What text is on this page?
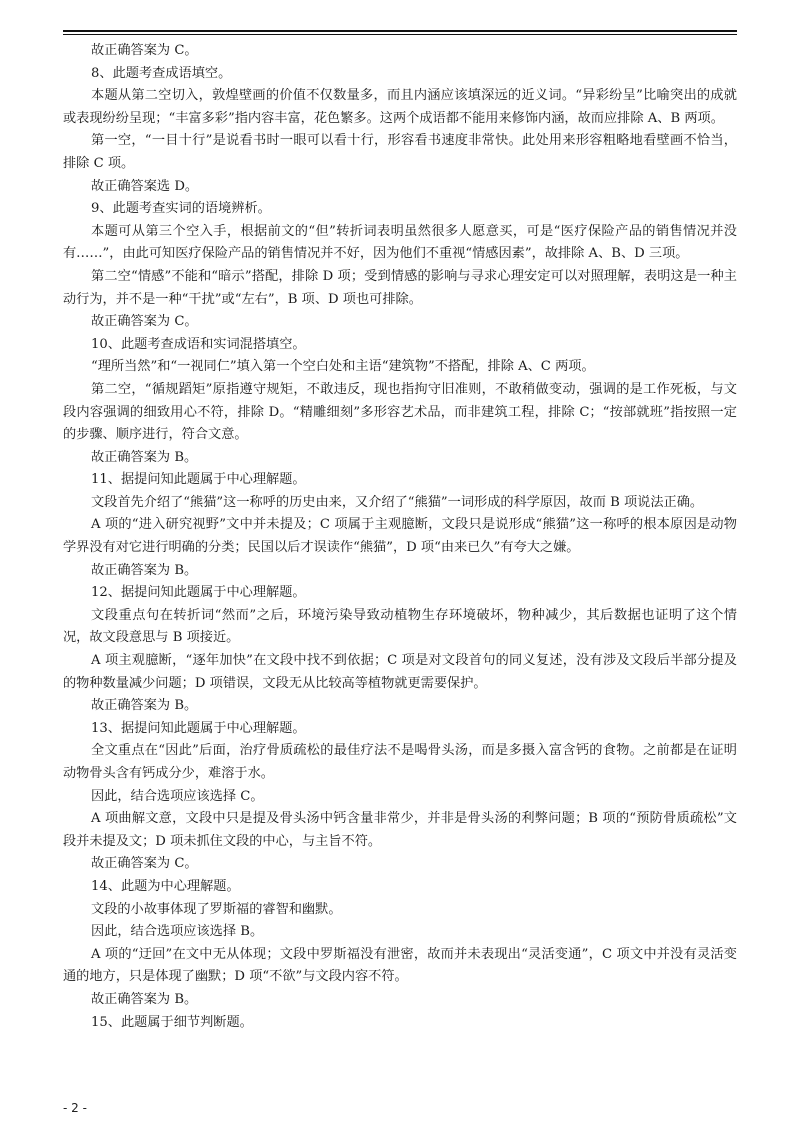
故正确答案为 C。

8、此题考查成语填空。

本题从第二空切入，敦煌壁画的价值不仅数量多，而且内涵应该填深远的近义词。“异彩纷呈”比喻突出的成就或表现纷纷呈现；“丰富多彩”指内容丰富，花色繁多。这两个成语都不能用来修饰内涵，故而应排除 A、B 两项。

第一空，“一目十行”是说看书时一眼可以看十行，形容看书速度非常快。此处用来形容粗略地看壁画不恰当，排除 C 项。

故正确答案选 D。

9、此题考查实词的语境辨析。

本题可从第三个空入手，根据前文的“但”转折词表明虽然很多人愿意买，可是“医疗保险产品的销售情况并没有……”，由此可知医疗保险产品的销售情况并不好，因为他们不重视“情感因素”，故排除 A、B、D 三项。

第二空“情感”不能和“暗示”搭配，排除 D 项；受到情感的影响与寻求心理安定可以对照理解，表明这是一种主动行为，并不是一种“干扰”或“左右”，B 项、D 项也可排除。

故正确答案为 C。

10、此题考查成语和实词混搭填空。

“理所当然”和“一视同仁”填入第一个空白处和主语“建筑物”不搭配，排除 A、C 两项。

第二空，“循规蹈矩”原指遵守规矩，不敢违反，现也指拘守旧准则，不敢稍做变动，强调的是工作死板，与文段内容强调的细致用心不符，排除 D。“精雕细刻”多形容艺术品，而非建筑工程，排除 C；“按部就班”指按照一定的步骤、顺序进行，符合文意。

故正确答案为 B。

11、据提问知此题属于中心理解题。

文段首先介绍了“熊猫”这一称呼的历史由来，又介绍了“熊猫”一词形成的科学原因，故而 B 项说法正确。

A 项的“进入研究视野”文中并未提及；C 项属于主观臆断，文段只是说形成“熊猫”这一称呼的根本原因是动物学界没有对它进行明确的分类；民国以后才误读作“熊猫”，D 项“由来已久”有夸大之嫌。

故正确答案为 B。

12、据提问知此题属于中心理解题。

文段重点句在转折词“然而”之后，环境污染导致动植物生存环境破坏，物种减少，其后数据也证明了这个情况，故文段意思与 B 项接近。

A 项主观臆断，“逐年加快”在文段中找不到依据；C 项是对文段首句的同义复述，没有涉及文段后半部分提及的物种数量减少问题；D 项错误，文段无从比较高等植物就更需要保护。

故正确答案为 B。

13、据提问知此题属于中心理解题。

全文重点在“因此”后面，治疗骨质疏松的最佳疗法不是喝骨头汤，而是多摄入富含钙的食物。之前都是在证明动物骨头含有钙成分少，难溶于水。

因此，结合选项应该选择 C。

A 项曲解文意，文段中只是提及骨头汤中钙含量非常少，并非是骨头汤的利弊问题；B 项的“预防骨质疏松”文段并未提及文；D 项未抓住文段的中心，与主旨不符。

故正确答案为 C。

14、此题为中心理解题。

文段的小故事体现了罗斯福的睿智和幽默。

因此，结合选项应该选择 B。

A 项的“迂回”在文中无从体现；文段中罗斯福没有泄密，故而并未表现出“灵活变通”，C 项文中并没有灵活变通的地方，只是体现了幽默；D 项“不欲”与文段内容不符。

故正确答案为 B。

15、此题属于细节判断题。

- 2 -
